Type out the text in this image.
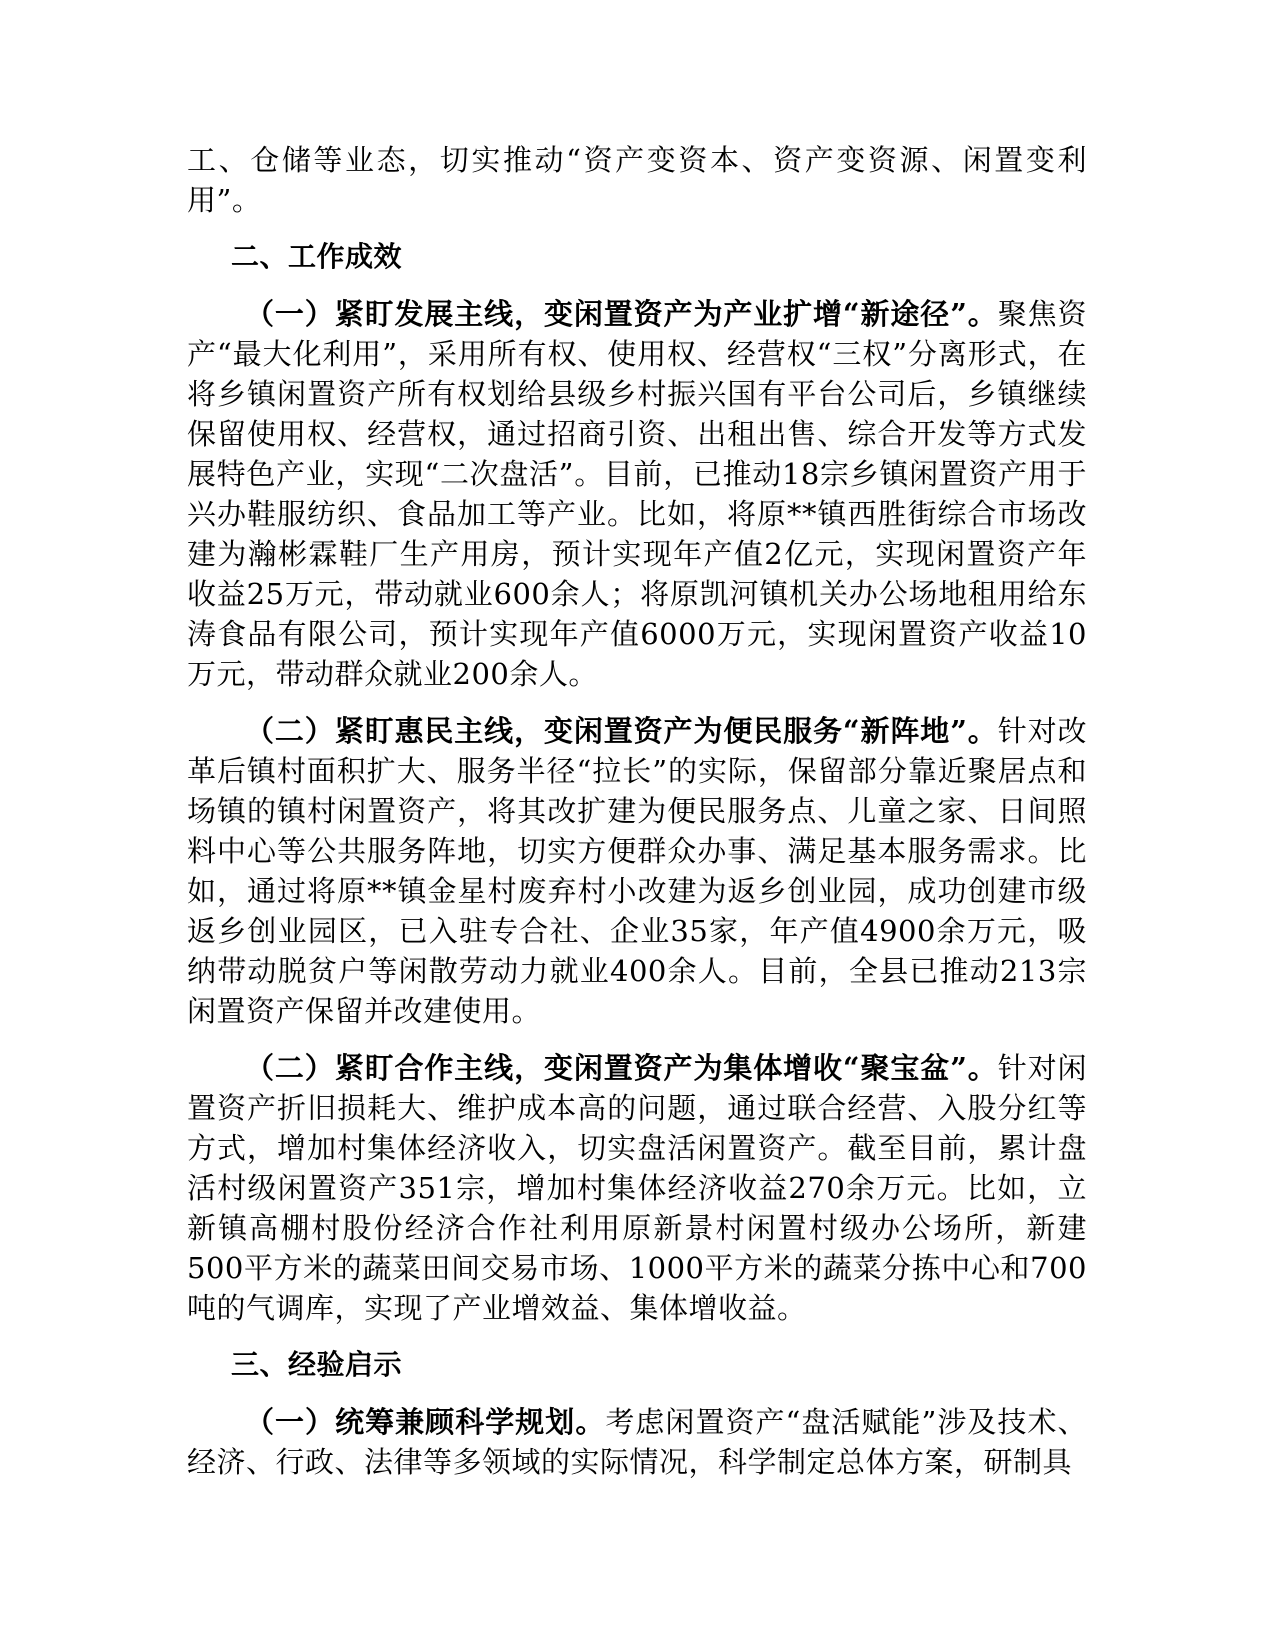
工、仓储等业态，切实推动“资产变资本、资产变资源、闲置变利用”。

二、工作成效

（一）紧盯发展主线，变闲置资产为产业扩增“新途径”。聚焦资产“最大化利用”，采用所有权、使用权、经营权“三权”分离形式，在将乡镇闲置资产所有权划给县级乡村振兴国有平台公司后，乡镇继续保留使用权、经营权，通过招商引资、出租出售、综合开发等方式发展特色产业，实现“二次盘活”。目前，已推动18宗乡镇闲置资产用于兴办鞋服纺织、食品加工等产业。比如，将原**镇西胜街综合市场改建为瀚彬霖鞋厂生产用房，预计实现年产值2亿元，实现闲置资产年收益25万元，带动就业600余人；将原凯河镇机关办公场地租用给东涛食品有限公司，预计实现年产值6000万元，实现闲置资产收益10万元，带动群众就业200余人。

（二）紧盯惠民主线，变闲置资产为便民服务“新阵地”。针对改革后镇村面积扩大、服务半径“拉长”的实际，保留部分靠近聚居点和场镇的镇村闲置资产，将其改扩建为便民服务点、儿童之家、日间照料中心等公共服务阵地，切实方便群众办事、满足基本服务需求。比如，通过将原**镇金星村废弃村小改建为返乡创业园，成功创建市级返乡创业园区，已入驻专合社、企业35家，年产值4900余万元，吸纳带动脱贫户等闲散劳动力就业400余人。目前，全县已推动213宗闲置资产保留并改建使用。

（二）紧盯合作主线，变闲置资产为集体增收“聚宝盆”。针对闲置资产折旧损耗大、维护成本高的问题，通过联合经营、入股分红等方式，增加村集体经济收入，切实盘活闲置资产。截至目前，累计盘活村级闲置资产351宗，增加村集体经济收益270余万元。比如，立新镇高棚村股份经济合作社利用原新景村闲置村级办公场所，新建500平方米的蔬菜田间交易市场、1000平方米的蔬菜分拣中心和700吨的气调库，实现了产业增效益、集体增收益。

三、经验启示

（一）统筹兼顾科学规划。考虑闲置资产“盘活赋能”涉及技术、经济、行政、法律等多领域的实际情况，科学制定总体方案，研制具
